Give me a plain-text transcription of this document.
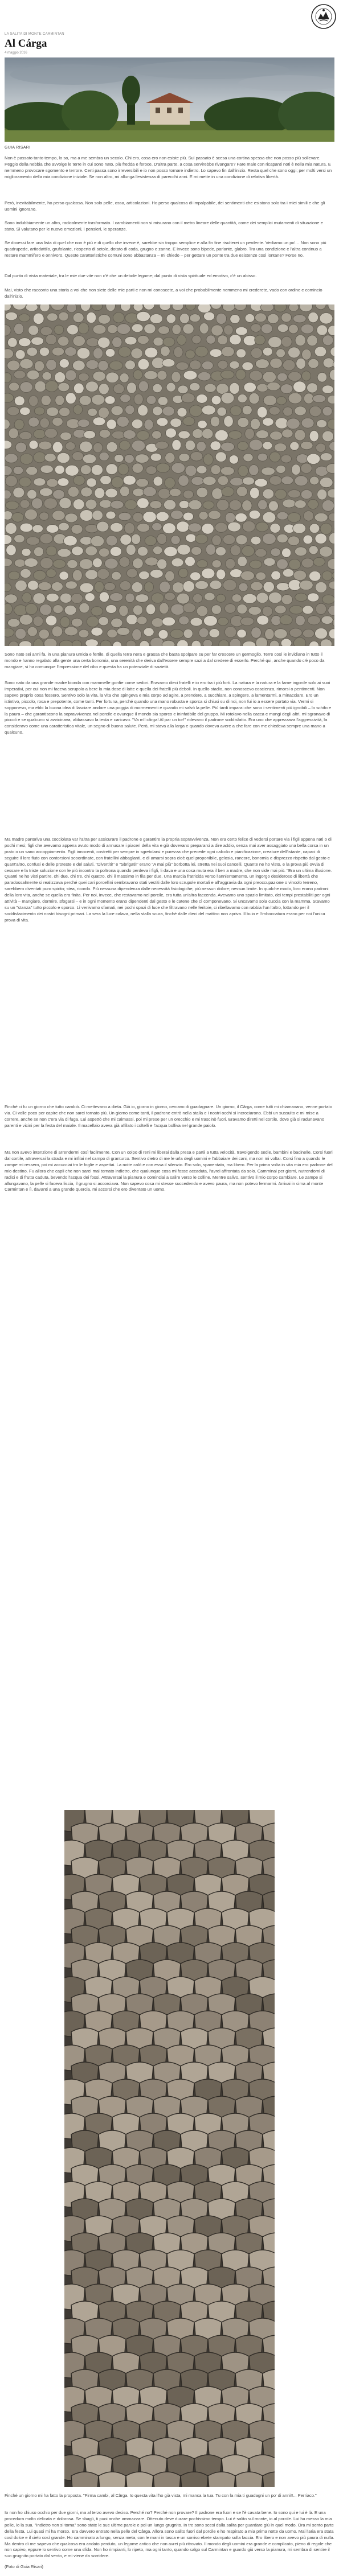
LA SALITA DI MONTE CARMINTAN
Al Cárga
4 maggio 2016
GUIA RISARI

Non è passato tanto tempo, lo so, ma a me sembra un secolo. Chi ero, cosa ero non esiste più. Sul passato è scesa una cortina spessa che non posso più sollevare. Peggio della nebbia che avvolge le terre in cui sono nato, più fredda e feroce. D'altra parte, a cosa servirebbe rivangare? Fare male con ricapanti noti è nella mia natura. E nemmeno provocare sgomento e terrore. Certi passa sono irreversibili e io non posso tornare indietro. Lo sapevo fin dall'inizio. Resta quel che sono oggi; per molti versi un miglioramento della mia condizione iniziale. Se non altro, mi allunga l'esistenza di parecchi anni. E mi mette in una condizione di relativa libertà.

Però, inevitabilmente, ho perso qualcosa. Non solo pelle, ossa, articolazioni. Ho perso qualcosa di impalpabile, dei sentimenti che esistono solo tra i miei simili e che gli uomini ignorano.

Sono indubbiamente un altro, radicalmente trasformato. I cambiamenti non si misurano con il metro lineare delle quantità, come dei semplici mutamenti di situazione e stato. Si valutano per le nuove emozioni, i pensieri, le speranze.

Se dovessi fare una lista di quel che non è più e di quello che invece è, sarebbe sin troppo semplice e alla fin fine risulterei un perdente. Vediamo un po'… Non sono più quadrupede, artiodattilo, grufolante, ricoperto di setole, dotato di coda, grugno e zanne. E invece sono bipede, parlante, glabro. Tra una condizione e l'altra continuo a restare mammifero e onnivoro. Queste caratteristiche comuni sono abbastanza – mi chiedo – per gettare un ponte tra due esistenze così lontane? Forse no.

Dal punto di vista materiale, tra le mie due vite non c'è che un debole legame; dal punto di vista spirituale ed emotivo, c'è un abisso.

Mai, visto che racconto una storia a voi che non siete delle mie parti e non mi conoscete, a voi che probabilmente nemmeno mi crederete, vado con ordine e comincio dall'inizio.

Sono nato sei anni fa, in una pianura umida e fertile, di quella terra nera e grassa che basta spolpare su per far crescere un germoglio. Terre così le invidiano in tutto il mondo e hanno regalato alla gente una certa bonomia, una serenità che deriva dall'essere sempre sazi a dal credere di esserlo. Perché qui, anche quando c'è poco da mangiare, si ha comunque l'impressione del cibo e questa ha un potenziale di sazietà.

Sono nato da una grande madre bionda con mammelle gonfie come sedori. Eravamo dieci fratelli e io ero tra i più forti. La natura e la natura e la fame ingorde solo ai suoi imperativi, per cui non mi faceva scrupolo a bere la mia dose di latte e quella dei fratelli più deboli. In quello stadio, non conoscevo coscienza, rimorsi o pentimenti. Non sapevo proprio cosa fossero. Sentivo solo la vita, la vita che spingeva e mia corpo ad agire, a prendere, a succhiare, a spingere, a lamentarmi, a minacciare. Ero un istintivo, piccolo, rosa e prepotente, come tanti. Per fortuna, perché quando una mano robusta e sporca si chiusi su di noi, non fui io a essere portato via. Vermi si sopponevo, ma ebbi la buona idea di lasciare andare una poggia di mormementi e quando mi salvò la pelle. Più tardi imparai che sono i sentimenti più ignobili – lo schifo e la paura – che garantiscono la sopravvivenza nel porcile e ovunque il mondo sia sporco e ininfatibile del gruppo. Mi rotolavo nella cacca e mangi degli altri, mi sgranavo di piccoli e se qualcuno si avvicinava, abbassavo la testa e caricavo. "Va m'l cârga! Al par un tor!" ridevano il padrone soddisfatto. Era uno che apprezzava l'aggressività, la consideravo come una caratteristica vitale, un segno di buona salute. Però, mi stava alla larga e quando doveva avere a che fare con me chiedeva sempre una mano a qualcuno.

Ma madre partoriva una cocciolata var l'altra per assicurare il padrone e garantire la propria sopravvivenza. Non era certo felice di vedersi portare via i figli appena nati o di pochi mesi; figli che avevamo appena avuto modo di annusare i piaceri della vita e già dovevano prepararsi a dire addio, senza mai aver assaggiato una bella corsa in un prato o un sano accoppiamento. Figli innocenti, costretti per sempre in sgretolarsi e purezza che precede ogni calcolo e pianificazione, creature dell'istante, capaci di seguire il loro fiuto con contorsioni scoordinate, con fratellini abbaglanti, e di amarsi sopra cioè quel proponibile, gelosia, rancore, bonomia e disprezzo rispetto dal gesto e quant'altro, confusi e delle proteste e del saluti. "Divertiti!" e "Sbrigati!" erano "A mai più" borbotta lei, stretta nei suoi cancelli. Quante ne ho visto, e la prova più ovvia di cessare e la triste soluzione con le più incontro la poltrona quando perdeva i figli, li dava e una cosa muta era il ben a madre, che non vide mai più. "Era un ultima illusione. Quanti ne ho visti partire, chi due, chi tre, chi quattro, chi il massimo in fila per due. Una marcia fratricida verso l'annientamento, un ingorgo desideroso di libertà che paradossalmente si realizzava perché quei cari porcellini sembravano stati vestiti dalle loro scrupole mortali e all'aggravia da ogni preoccupazione o vincolo terreno, sarebbero diventati puro spirito; stea, ricordo. Più nessuna dipendenza dalle necessità fisiologiche, più nessun dolore; nessun limite. In qualche modo, loro erano padroni della loro vita, anche se quella era finita. Per noi, invece, che restavamo nel porcile, era tutta un'altra faccenda. Avevamo uno spazio limitato, dei tempi prestabiliti per ogni attività – mangiare, dormire, sfogarsi – e in ogni momento erano dipendenti dal gesto e le catene che cì componevano. Si uncavamo sola cuccia con la mamma. Stavamo su un "stanza" tutto piccolo e sporco. Lì venivamo sfamati, nei pochi spazi di luce che filtravano nelle feritoie, ci ribellavamo con rabbia l'un l'altro, lottando per il soddisfacimento dei nostri bisogni primari. La sera la luce calava, nella stalla scura, finché dalle dieci del mattino non apriva. Il buio e l'imboccatura erano per noi l'unica prova di vita.

Finché ci fu un giorno che tutto cambiò. Ci mettevano a dieta. Già io, giorno in giorno, cercavo di guadagnare. Un giorno, il Cârga, come tutti mi chiamavano, venne portato via. Ci volle poco per capire che non sarei tornato più. Un giorno come tanti, il padrone entrò nella stalla e i nostri occhi si incrociarono. Ebbi un sussulto e mi mise a correre, anche se non c'era via di fuga. Lui aspettò che mi calmassi, poi mi prese per un orecchio e mi trascinò fuori. Eravamo diretti nel cortile, dove già si radunavano parenti e vicini per la festa del maiale. Il macellaio aveva già affilato i coltelli e l'acqua bolliva nel grande paiolo.

Ma non avevo intenzione di arrendermi così facilmente. Con un colpo di reni mi liberai dalla presa e partii a tutta velocità, travolgendo sedie, bambini e bacinelle. Corsi fuori dal cortile, attraversai la strada e mi infilai nel campo di granturco. Sentivo dietro di me le urla degli uomini e l'abbaiare dei cani, ma non mi voltai. Corsi fino a quando le zampe mi ressero, poi mi accucciai tra le foglie e aspettai. La notte calò e con essa il silenzio. Ero solo, spaventato, ma libero. Per la prima volta in vita mia ero padrone del mio destino. Fu allora che capii che non sarei mai tornato indietro, che qualunque cosa mi fosse accaduta, l'avrei affrontata da solo. Camminai per giorni, nutrendomi di radici e di frutta caduta, bevendo l'acqua dei fossi. Attraversai la pianura e cominciai a salire verso le colline. Mentre salivo, sentivo il mio corpo cambiare. Le zampe si allungavano, la pelle si faceva liscia, il grugno si accorciava. Non sapevo cosa mi stesse succedendo e avevo paura, ma non potevo fermarmi. Arrivai in cima al monte Carmintan e lì, davanti a una grande quercia, mi accorsi che ero diventato un uomo.

Finché un giorno mi ha fatto la proposta. "Firma cambi, al Cârga. Io questa vita l'ho già vista, mi manca la tua. Tu con la mia ti guadagni un po' di anni!!... Perriaco."

Io non ho chiuso occhio per due giorni, ma al terzo avevo deciso. Perché no? Perché non provare? Il padrone era fuori e se l'è cavata bene. Io sono qui e lui è là. E una procedura molto delicata e dolorosa. Se sbagli, ti puoi anche ammazzare. Ottenuto deve durare pochissimo tempo. Lui è salito sul monte, io al porcile. Lui ha messo la mia pelle, io la sua. "Indietro non si torna" sono state le sue ultime parole e poi un lungo grugnito. In tre sono scesi dalla salita per guardare giù in quel modo. Ora mi sento parte della festa. Lui quasi mi ha morso. Era davvero entrato nella pelle del Cârga. Allora sono salito fuori dal porcile e ho respirato a mia prima notte da uomo. Mai l'aria era stata così dolce e il cielo così grande. Ho camminato a lungo, senza meta, con le mani in tasca e un sorriso ebete stampato sulla faccia. Ero libero e non avevo più paura di nulla. Ma dentro di me sapevo che qualcosa era andato perduto, un legame antico che non avrei più ritrovato. Il mondo degli uomini era grande e complicato, pieno di regole che non capivo, eppure lo sentivo come una sfida. Non ho rimpianti, lo ripeto, ma ogni tanto, quando salgo sul Carmintan e guardo giù verso la pianura, mi sembra di sentire il suo grugnito portato dal vento, e mi viene da sorridere.

(Foto di Guia Risari)
